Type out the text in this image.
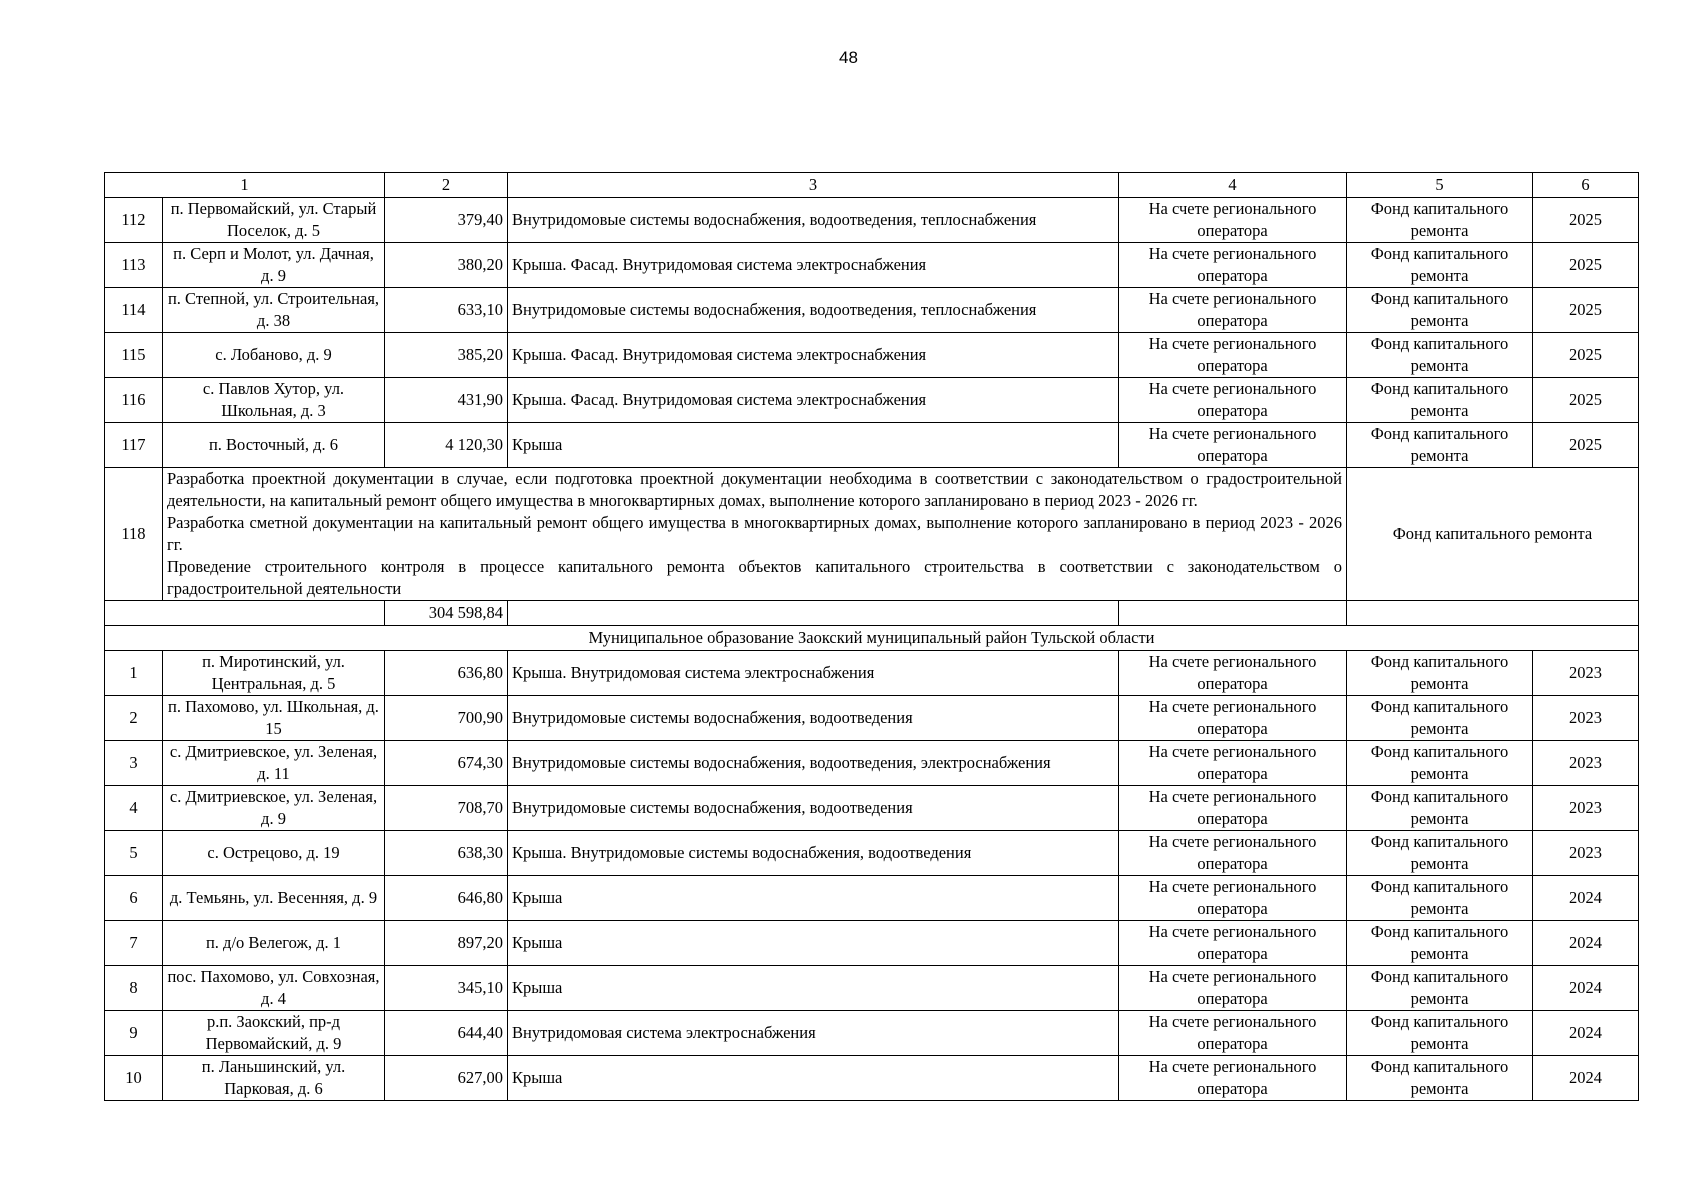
48
1		2	3	4	5	6
112	п. Первомайский, ул. Старый Поселок, д. 5	379,40	Внутридомовые системы водоснабжения, водоотведения, теплоснабжения	На счете регионального оператора	Фонд капитального ремонта	2025
113	п. Серп и Молот, ул. Дачная, д. 9	380,20	Крыша. Фасад. Внутридомовая система электроснабжения	На счете регионального оператора	Фонд капитального ремонта	2025
114	п. Степной, ул. Строительная, д. 38	633,10	Внутридомовые системы водоснабжения, водоотведения, теплоснабжения	На счете регионального оператора	Фонд капитального ремонта	2025
115	с. Лобаново, д. 9	385,20	Крыша. Фасад. Внутридомовая система электроснабжения	На счете регионального оператора	Фонд капитального ремонта	2025
116	с. Павлов Хутор, ул. Школьная, д. 3	431,90	Крыша. Фасад. Внутридомовая система электроснабжения	На счете регионального оператора	Фонд капитального ремонта	2025
117	п. Восточный, д. 6	4 120,30	Крыша	На счете регионального оператора	Фонд капитального ремонта	2025
118	Разработка проектной документации в случае, если подготовка проектной документации необходима в соответствии с законодательством о градостроительной деятельности, на капитальный ремонт общего имущества в многоквартирных домах, выполнение которого запланировано в период 2023 - 2026 гг.

Разработка сметной документации на капитальный ремонт общего имущества в многоквартирных домах, выполнение которого запланировано в период 2023 - 2026 гг.

Проведение строительного контроля в процессе капитального ремонта объектов капитального строительства в соответствии с законодательством о градостроительной деятельности				Фонд капитального ремонта	
		304 598,84				
Муниципальное образование Заокский муниципальный район Тульской области						
1	п. Миротинский, ул. Центральная, д. 5	636,80	Крыша. Внутридомовая система электроснабжения	На счете регионального оператора	Фонд капитального ремонта	2023
2	п. Пахомово, ул. Школьная, д. 15	700,90	Внутридомовые системы водоснабжения, водоотведения	На счете регионального оператора	Фонд капитального ремонта	2023
3	с. Дмитриевское, ул. Зеленая, д. 11	674,30	Внутридомовые системы водоснабжения, водоотведения, электроснабжения	На счете регионального оператора	Фонд капитального ремонта	2023
4	с. Дмитриевское, ул. Зеленая, д. 9	708,70	Внутридомовые системы водоснабжения, водоотведения	На счете регионального оператора	Фонд капитального ремонта	2023
5	с. Острецово, д. 19	638,30	Крыша. Внутридомовые системы водоснабжения, водоотведения	На счете регионального оператора	Фонд капитального ремонта	2023
6	д. Темьянь, ул. Весенняя, д. 9	646,80	Крыша	На счете регионального оператора	Фонд капитального ремонта	2024
7	п. д/о Велегож, д. 1	897,20	Крыша	На счете регионального оператора	Фонд капитального ремонта	2024
8	пос. Пахомово, ул. Совхозная, д. 4	345,10	Крыша	На счете регионального оператора	Фонд капитального ремонта	2024
9	р.п. Заокский, пр-д Первомайский, д. 9	644,40	Внутридомовая система электроснабжения	На счете регионального оператора	Фонд капитального ремонта	2024
10	п. Ланьшинский, ул. Парковая, д. 6	627,00	Крыша	На счете регионального оператора	Фонд капитального ремонта	2024
